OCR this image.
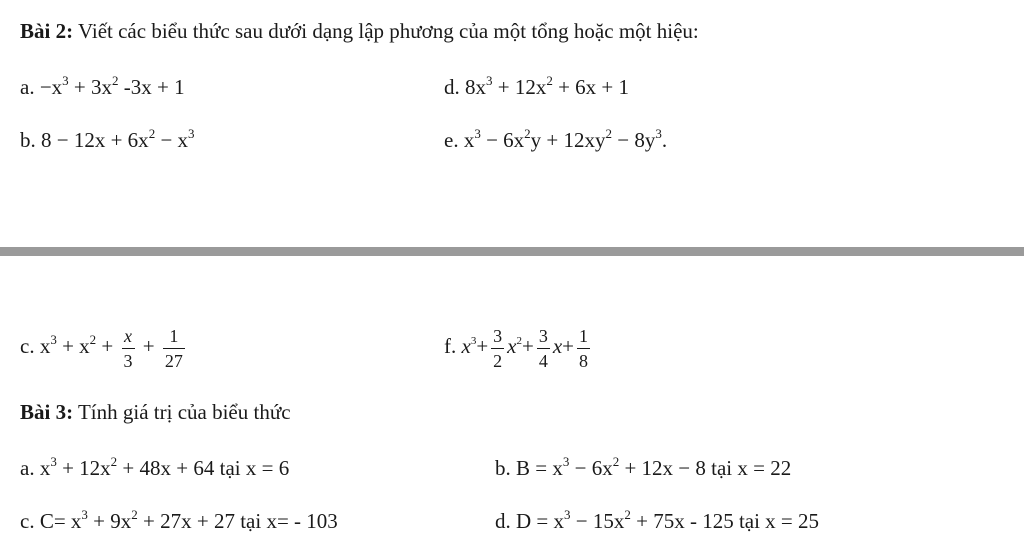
Bài 2: Viết các biểu thức sau dưới dạng lập phương của một tổng hoặc một hiệu:
a. $-x^3 + 3x^2$ -3x + 1	d. $8x^3 + 12x^2 + 6x + 1$
b. $8 - 12x + 6x^2 - x^3$	e. $x^3 - 6x^2y + 12xy^2 - 8y^3$.
c. $x^3 + x^2 + \frac{x}{3} + \frac{1}{27}$	f. $x^3+ \frac{3}{2} x^2+ \frac{3}{4} x+ \frac{1}{8}$
Bài 3: Tính giá trị của biểu thức
a. $x^3 + 12x^2 + 48x + 64$ tại x = 6	b. $B = x^3 - 6x^2 + 12x - 8$ tại x = 22
c. $C= x^3 + 9x^2 + 27x + 27$ tại x= - 103	d. $D = x^3 - 15x^2 + 75x - 125$ tại x = 25
